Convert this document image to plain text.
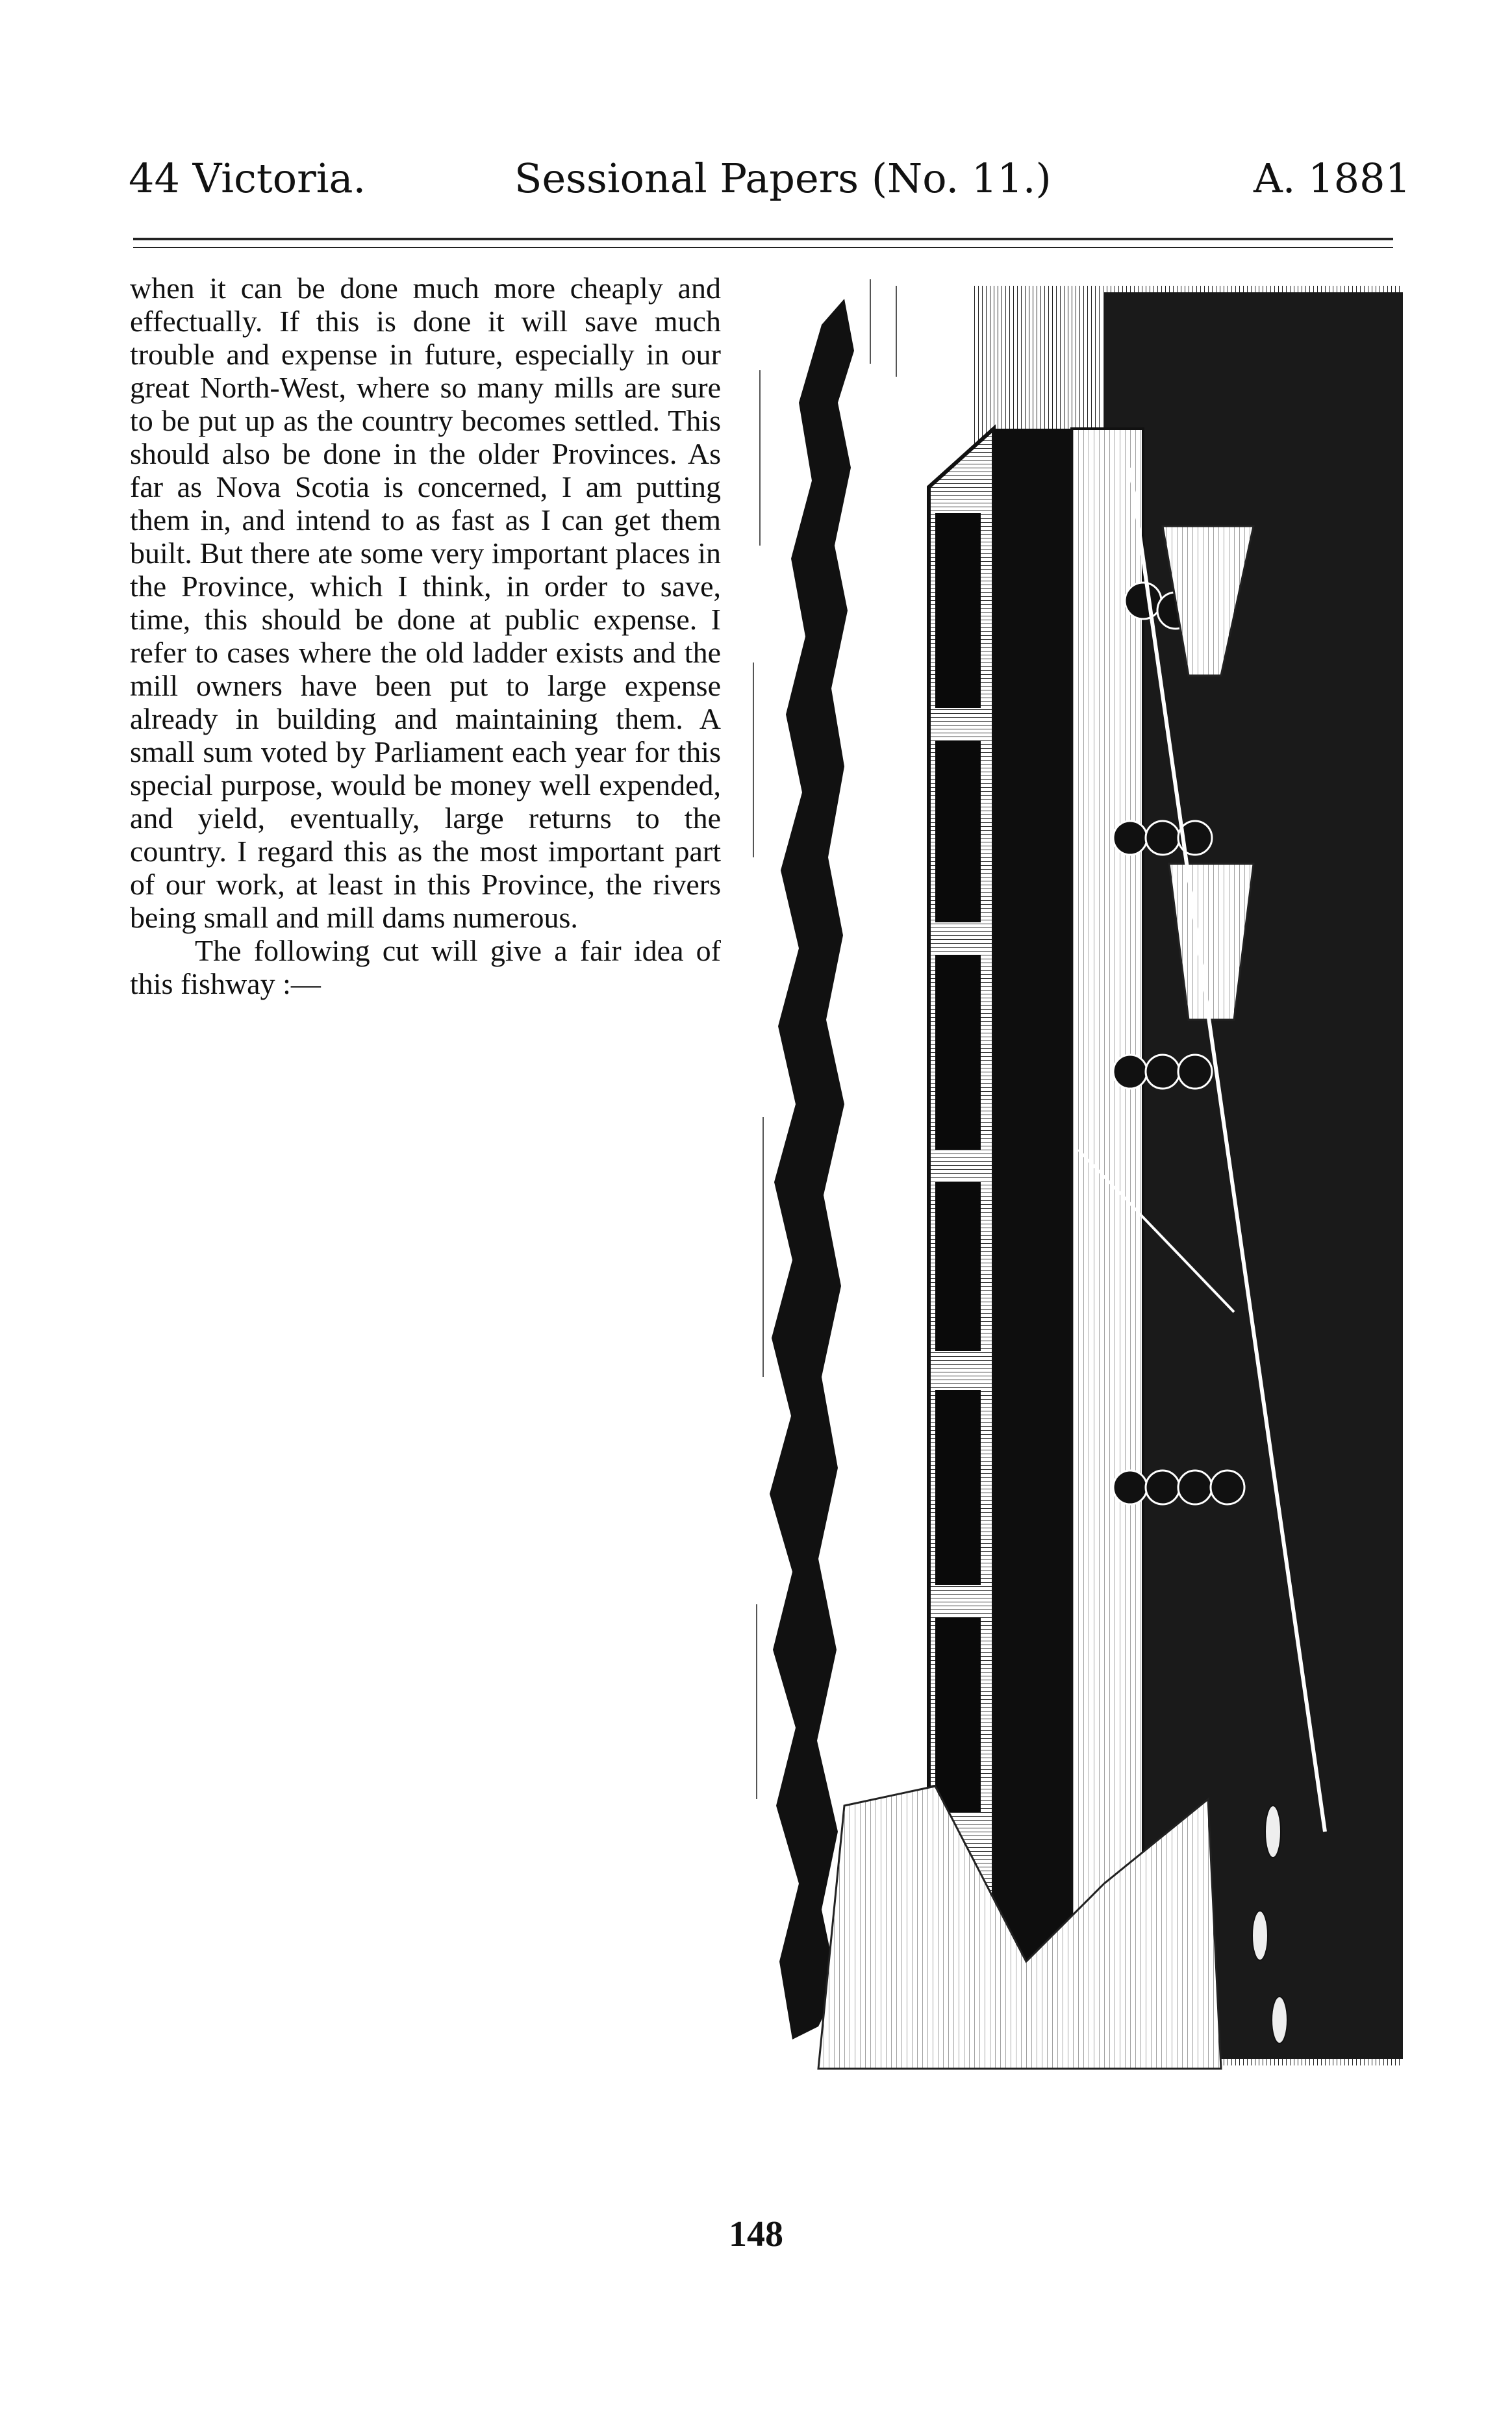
44 Victoria.	Sessional Papers (No. 11.)	A. 1881

when it can be done much more cheaply and effectually. If this is done it will save much trouble and expense in future, especially in our great North-West, where so many mills are sure to be put up as the country becomes settled. This should also be done in the older Provinces. As far as Nova Scotia is concerned, I am putting them in, and intend to as fast as I can get them built. But there ate some very important places in the Province, which I think, in order to save, time, this should be done at public expense. I refer to cases where the old ladder exists and the mill owners have been put to large expense already in building and maintaining them. A small sum voted by Parliament each year for this special purpose, would be money well expended, and yield, eventually, large returns to the country. I regard this as the most important part of our work, at least in this Province, the rivers being small and mill dams numerous.

The following cut will give a fair idea of this fishway :—

148
